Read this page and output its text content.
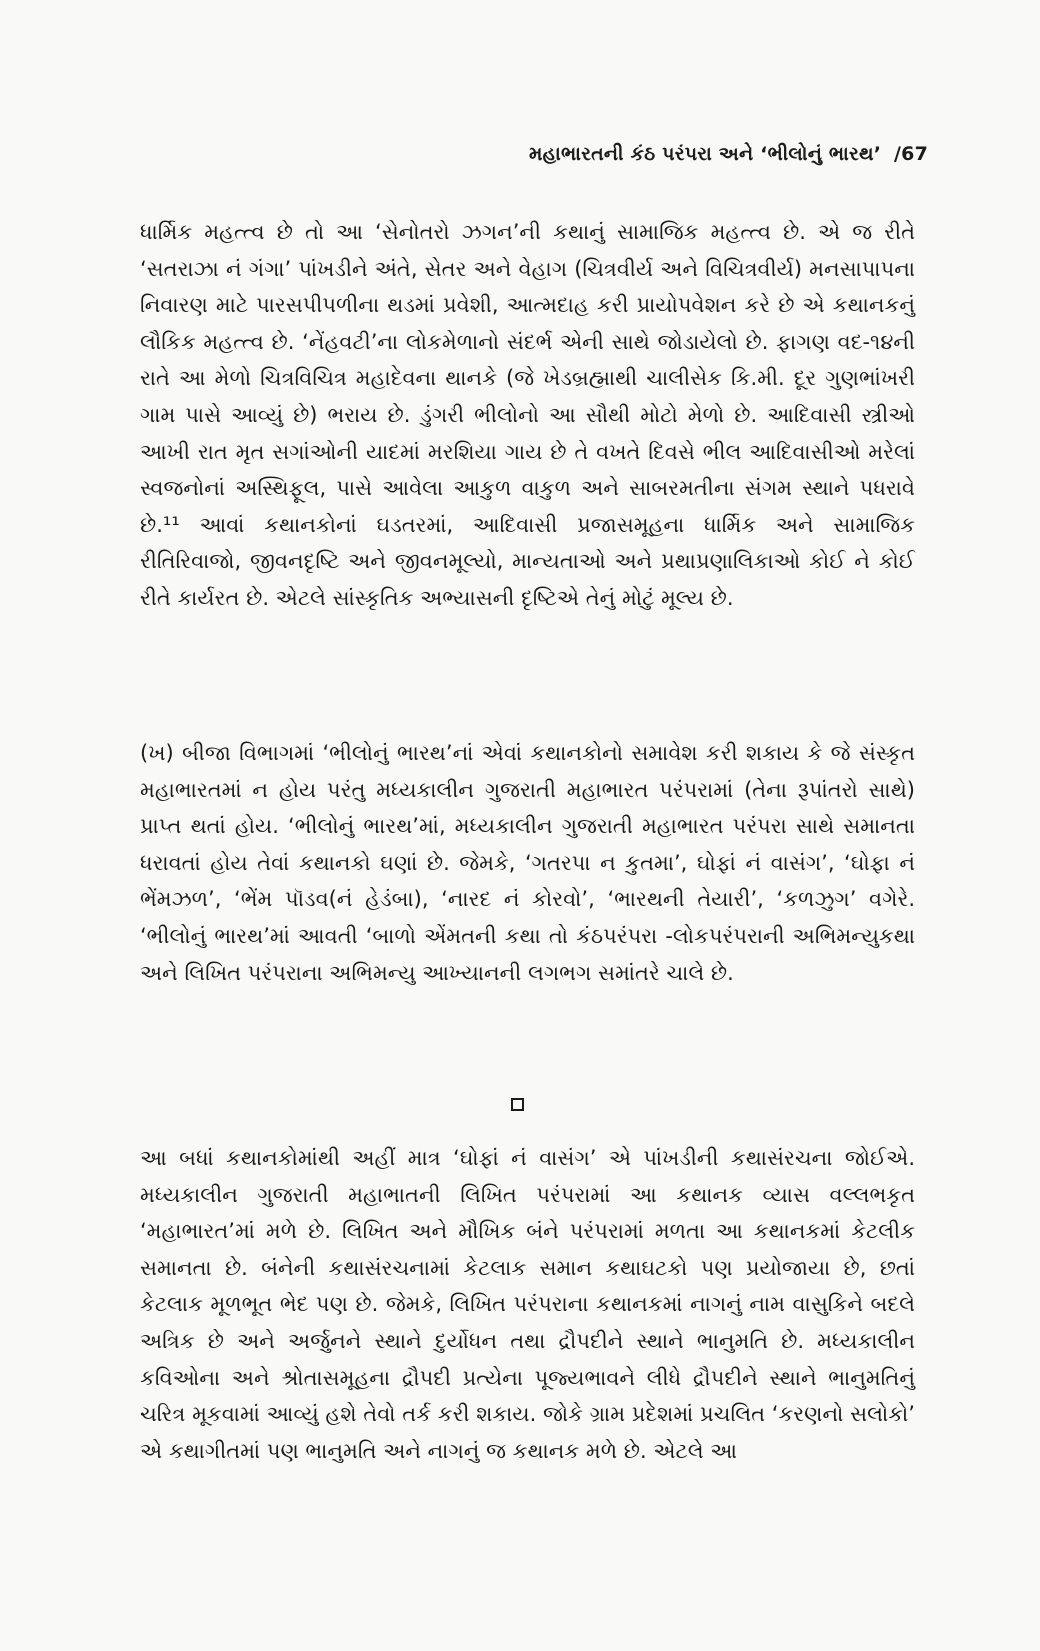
મહાભારતની કંઠ પરંપરા અને ‘ભીલોનું ભારથ’ /67

ધાર્મિક મહત્ત્વ છે તો આ ‘સેનોતરો ઝગન’ની કથાનું સામાજિક મહત્ત્વ છે. એ જ રીતે ‘સતરાઝા નં ગંગા’ પાંખડીને અંતે, સેતર અને વેહાગ (ચિત્રવીર્ય અને વિચિત્રવીર્ય) મનસાપાપના નિવારણ માટે પારસપીપળીના થડમાં પ્રવેશી, આત્મદાહ કરી પ્રાયોપવેશન કરે છે એ કથાનકનું લૌકિક મહત્ત્વ છે. ‘નેંહવટી’ના લોકમેળાનો સંદર્ભ એની સાથે જોડાયેલો છે. ફાગણ વદ-૧૪ની રાતે આ મેળો ચિત્રવિચિત્ર મહાદેવના થાનકે (જે ખેડબ્રહ્માથી ચાલીસેક કિ.મી. દૂર ગુણભાંખરી ગામ પાસે આવ્યું છે) ભરાય છે. ડુંગરી ભીલોનો આ સૌથી મોટો મેળો છે. આદિવાસી સ્ત્રીઓ આખી રાત મૃત સગાંઓની યાદમાં મરશિયા ગાય છે તે વખતે દિવસે ભીલ આદિવાસીઓ મરેલાં સ્વજનોનાં અસ્થિફૂલ, પાસે આવેલા આકુળ વાકુળ અને સાબરમતીના સંગમ સ્થાને પધરાવે છે.¹¹ આવાં કથાનકોનાં ઘડતરમાં, આદિવાસી પ્રજાસમૂહના ધાર્મિક અને સામાજિક રીતિરિવાજો, જીવનદૃષ્ટિ અને જીવનમૂલ્યો, માન્યતાઓ અને પ્રથાપ્રણાલિકાઓ કોઈ ને કોઈ રીતે કાર્યરત છે. એટલે સાંસ્કૃતિક અભ્યાસની દૃષ્ટિએ તેનું મોટું મૂલ્ય છે.

(ખ) બીજા વિભાગમાં ‘ભીલોનું ભારથ’નાં એવાં કથાનકોનો સમાવેશ કરી શકાય કે જે સંસ્કૃત મહાભારતમાં ન હોય પરંતુ મધ્યકાલીન ગુજરાતી મહાભારત પરંપરામાં (તેના રૂપાંતરો સાથે) પ્રાપ્ત થતાં હોય. ‘ભીલોનું ભારથ’માં, મધ્યકાલીન ગુજરાતી મહાભારત પરંપરા સાથે સમાનતા ધરાવતાં હોય તેવાં કથાનકો ઘણાં છે. જેમકે, ‘ગતરપા ન કુતમા’, ઘોફાં નં વાસંગ’, ‘ઘોફા નં ભેંમઝળ’, ‘ભેંમ પૉડવ(નં હેડંબા), ‘નારદ નં કોરવો’, ‘ભારથની તેયારી’, ‘કળઝુગ’ વગેરે. ‘ભીલોનું ભારથ’માં આવતી ‘બાળો એંમતની કથા તો કંઠપરંપરા -લોકપરંપરાની અભિમન્યુકથા અને લિખિત પરંપરાના અભિમન્યુ આખ્યાનની લગભગ સમાંતરે ચાલે છે.

આ બધાં કથાનકોમાંથી અહીં માત્ર ‘ઘોફાં નં વાસંગ’ એ પાંખડીની કથાસંરચના જોઈએ. મધ્યકાલીન ગુજરાતી મહાભાતની લિખિત પરંપરામાં આ કથાનક વ્યાસ વલ્લભકૃત ‘મહાભારત’માં મળે છે. લિખિત અને મૌખિક બંને પરંપરામાં મળતા આ કથાનકમાં કેટલીક સમાનતા છે. બંનેની કથાસંરચનામાં કેટલાક સમાન કથાઘટકો પણ પ્રયોજાયા છે, છતાં કેટલાક મૂળભૂત ભેદ પણ છે. જેમકે, લિખિત પરંપરાના કથાનકમાં નાગનું નામ વાસુકિને બદલે અત્રિક છે અને અર્જુનને સ્થાને દુર્યોધન તથા દ્રૌપદીને સ્થાને ભાનુમતિ છે. મધ્યકાલીન કવિઓના અને શ્રોતાસમૂહના દ્રૌપદી પ્રત્યેના પૂજ્યભાવને લીધે દ્રૌપદીને સ્થાને ભાનુમતિનું ચરિત્ર મૂકવામાં આવ્યું હશે તેવો તર્ક કરી શકાય. જોકે ગ્રામ પ્રદેશમાં પ્રચલિત ‘કરણનો સલોકો’ એ કથાગીતમાં પણ ભાનુમતિ અને નાગનું જ કથાનક મળે છે. એટલે આ
